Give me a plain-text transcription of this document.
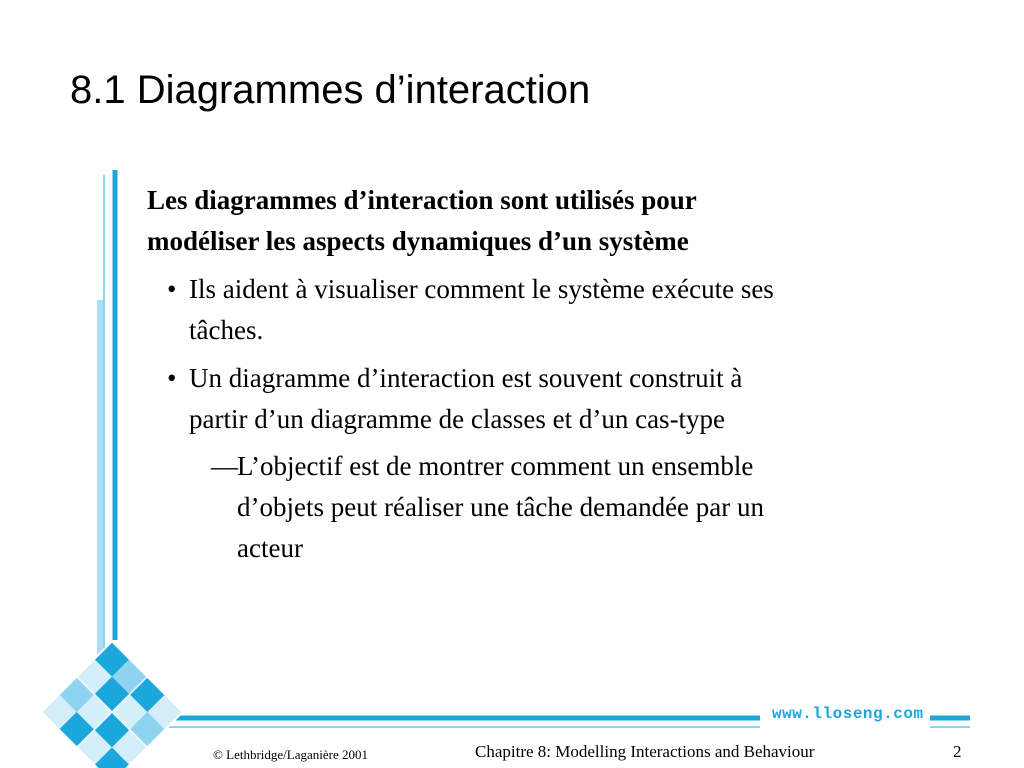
8.1 Diagrammes d’interaction
Les diagrammes d’interaction sont utilisés pour
modéliser les aspects dynamiques d’un système
• Ils aident à visualiser comment le système exécute ses
tâches.
• Un diagramme d’interaction est souvent construit à
partir d’un diagramme de classes et d’un cas-type
— L’objectif est de montrer comment un ensemble
d’objets peut réaliser une tâche demandée par un
acteur
www.lloseng.com
© Lethbridge/Laganière 2001	Chapitre 8: Modelling Interactions and Behaviour	2
